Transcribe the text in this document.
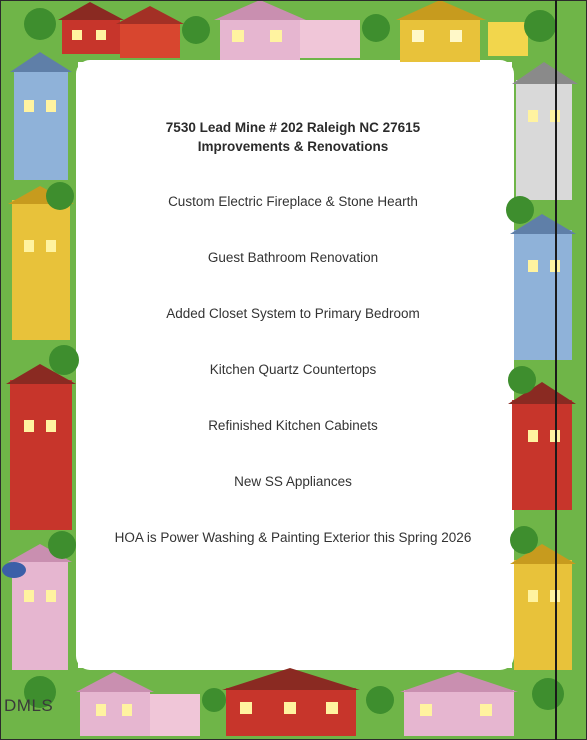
7530 Lead Mine # 202 Raleigh NC 27615
Improvements & Renovations
Custom Electric Fireplace & Stone Hearth
Guest Bathroom Renovation
Added Closet System to Primary Bedroom
Kitchen Quartz Countertops
Refinished Kitchen Cabinets
New SS Appliances
HOA is Power Washing & Painting Exterior this Spring 2026
DMLS
